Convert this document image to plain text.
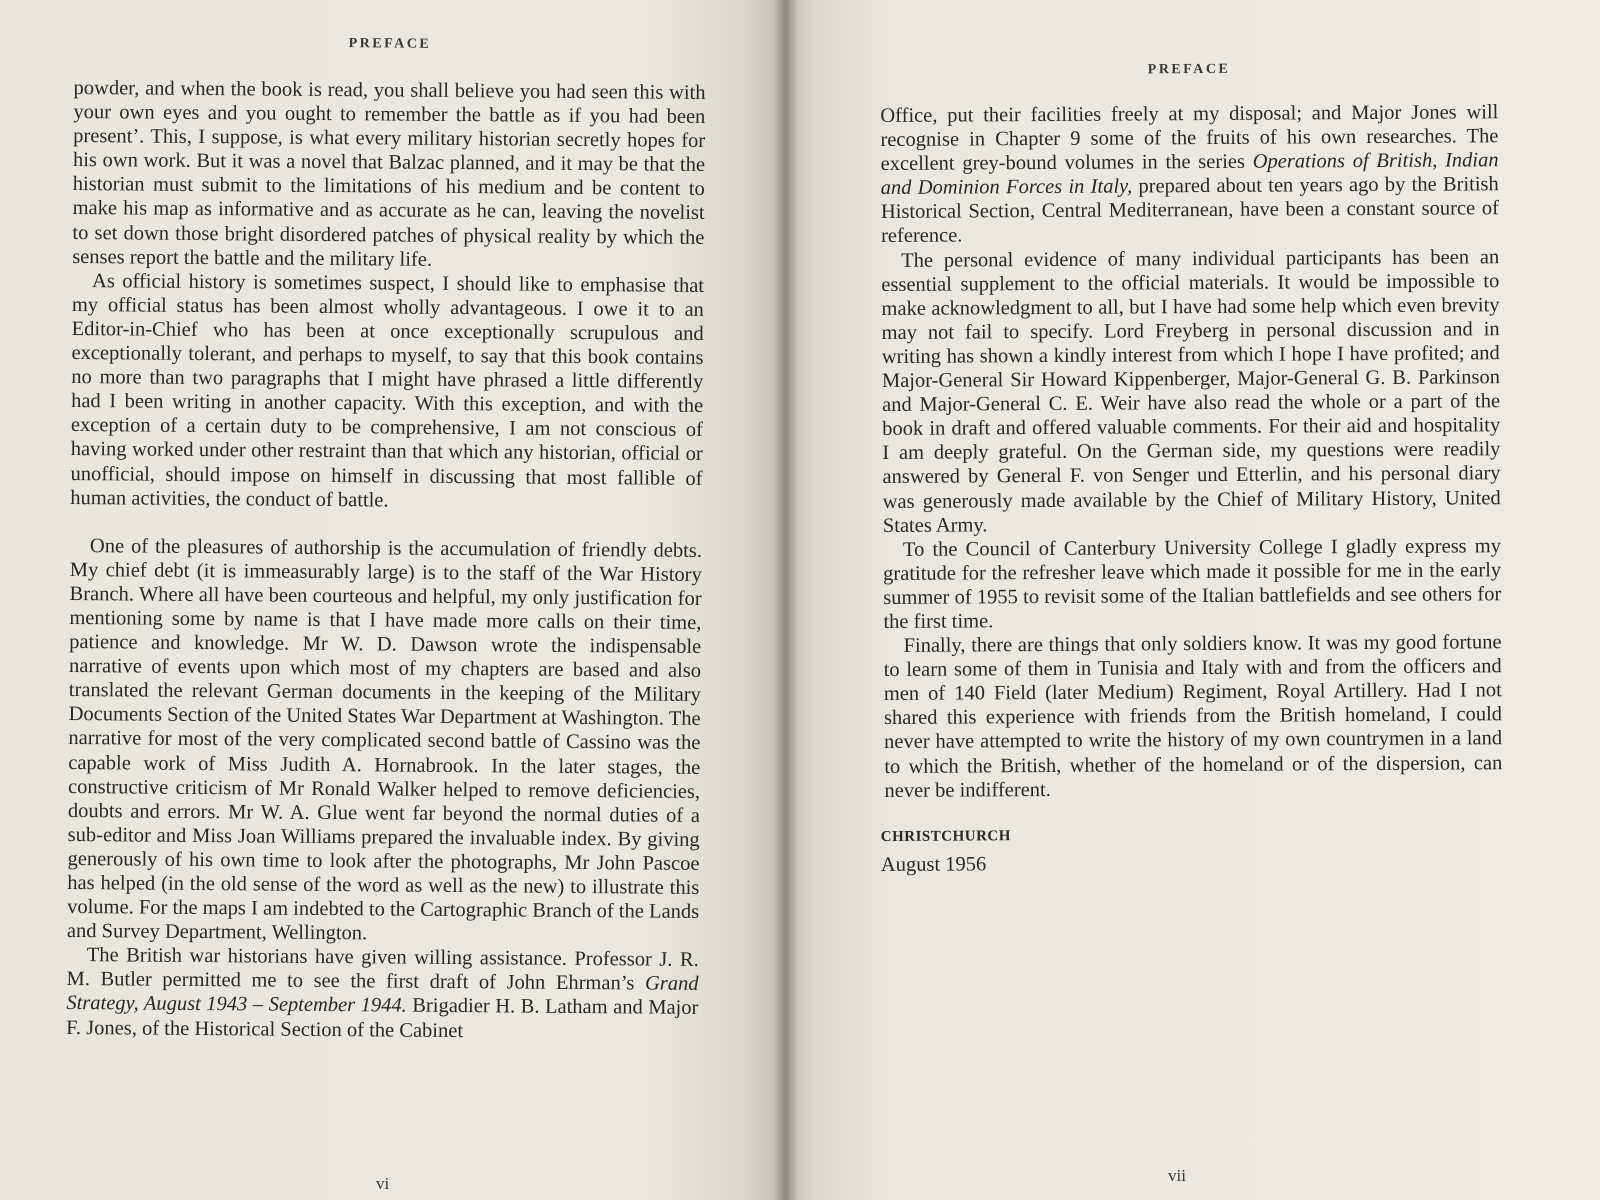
PREFACE

powder, and when the book is read, you shall believe you had seen this with your own eyes and you ought to remember the battle as if you had been present’. This, I suppose, is what every military historian secretly hopes for his own work. But it was a novel that Balzac planned, and it may be that the historian must submit to the limitations of his medium and be content to make his map as informative and as accurate as he can, leaving the novelist to set down those bright disordered patches of physical reality by which the senses report the battle and the military life.

As official history is sometimes suspect, I should like to emphasise that my official status has been almost wholly advantageous. I owe it to an Editor-in-Chief who has been at once exceptionally scrupulous and exceptionally tolerant, and perhaps to myself, to say that this book contains no more than two paragraphs that I might have phrased a little differently had I been writing in another capacity. With this exception, and with the exception of a certain duty to be comprehensive, I am not conscious of having worked under other restraint than that which any historian, official or unofficial, should impose on himself in discussing that most fallible of human activities, the conduct of battle.

One of the pleasures of authorship is the accumulation of friendly debts. My chief debt (it is immeasurably large) is to the staff of the War History Branch. Where all have been courteous and helpful, my only justification for mentioning some by name is that I have made more calls on their time, patience and knowledge. Mr W. D. Dawson wrote the indispensable narrative of events upon which most of my chapters are based and also translated the relevant German documents in the keeping of the Military Documents Section of the United States War Department at Washington. The narrative for most of the very complicated second battle of Cassino was the capable work of Miss Judith A. Hornabrook. In the later stages, the constructive criticism of Mr Ronald Walker helped to remove deficiencies, doubts and errors. Mr W. A. Glue went far beyond the normal duties of a sub-editor and Miss Joan Williams prepared the invaluable index. By giving generously of his own time to look after the photographs, Mr John Pascoe has helped (in the old sense of the word as well as the new) to illustrate this volume. For the maps I am indebted to the Cartographic Branch of the Lands and Survey Department, Wellington.

The British war historians have given willing assistance. Professor J. R. M. Butler permitted me to see the first draft of John Ehrman’s Grand Strategy, August 1943 – September 1944. Brigadier H. B. Latham and Major F. Jones, of the Historical Section of the Cabinet

vi
PREFACE

Office, put their facilities freely at my disposal; and Major Jones will recognise in Chapter 9 some of the fruits of his own researches. The excellent grey-bound volumes in the series Operations of British, Indian and Dominion Forces in Italy, prepared about ten years ago by the British Historical Section, Central Mediterranean, have been a constant source of reference.

The personal evidence of many individual participants has been an essential supplement to the official materials. It would be impossible to make acknowledgment to all, but I have had some help which even brevity may not fail to specify. Lord Freyberg in personal discussion and in writing has shown a kindly interest from which I hope I have profited; and Major-General Sir Howard Kippenberger, Major-General G. B. Parkinson and Major-General C. E. Weir have also read the whole or a part of the book in draft and offered valuable comments. For their aid and hospitality I am deeply grateful. On the German side, my questions were readily answered by General F. von Senger und Etterlin, and his personal diary was generously made available by the Chief of Military History, United States Army.

To the Council of Canterbury University College I gladly express my gratitude for the refresher leave which made it possible for me in the early summer of 1955 to revisit some of the Italian battlefields and see others for the first time.

Finally, there are things that only soldiers know. It was my good fortune to learn some of them in Tunisia and Italy with and from the officers and men of 140 Field (later Medium) Regiment, Royal Artillery. Had I not shared this experience with friends from the British homeland, I could never have attempted to write the history of my own countrymen in a land to which the British, whether of the homeland or of the dispersion, can never be indifferent.

CHRISTCHURCH
August 1956
vii
